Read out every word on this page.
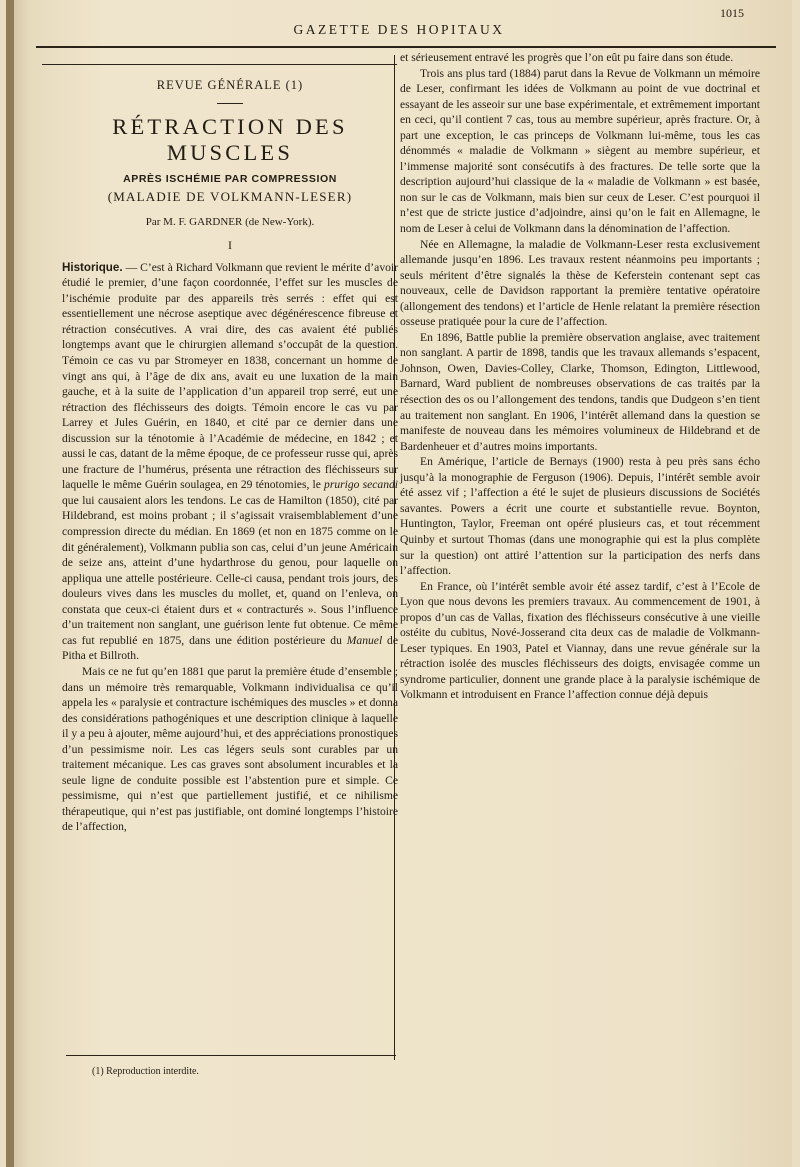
GAZETTE DES HOPITAUX
1015
REVUE GÉNÉRALE (1)
RÉTRACTION DES MUSCLES
APRÈS ISCHÉMIE PAR COMPRESSION
(MALADIE DE VOLKMANN-LESER)
Par M. F. GARDNER (de New-York).
I

Historique. — C’est à Richard Volkmann que revient le mérite d’avoir étudié le premier, d’une façon coordonnée, l’effet sur les muscles de l’ischémie produite par des appareils très serrés : effet qui est essentiellement une nécrose aseptique avec dégénérescence fibreuse et rétraction consécutives. A vrai dire, des cas avaient été publiés longtemps avant que le chirurgien allemand s’occupât de la question. Témoin ce cas vu par Stromeyer en 1838, concernant un homme de vingt ans qui, à l’âge de dix ans, avait eu une luxation de la main gauche, et à la suite de l’application d’un appareil trop serré, eut une rétraction des fléchisseurs des doigts. Témoin encore le cas vu par Larrey et Jules Guérin, en 1840, et cité par ce dernier dans une discussion sur la ténotomie à l’Académie de médecine, en 1842 ; et aussi le cas, datant de la même époque, de ce professeur russe qui, après une fracture de l’humérus, présenta une rétraction des fléchisseurs sur laquelle le même Guérin soulagea, en 29 ténotomies, le prurigo secandi que lui causaient alors les tendons. Le cas de Hamilton (1850), cité par Hildebrand, est moins probant ; il s’agissait vraisemblablement d’une compression directe du médian. En 1869 (et non en 1875 comme on le dit généralement), Volkmann publia son cas, celui d’un jeune Américain de seize ans, atteint d’une hydarthrose du genou, pour laquelle on appliqua une attelle postérieure. Celle-ci causa, pendant trois jours, des douleurs vives dans les muscles du mollet, et, quand on l’enleva, on constata que ceux-ci étaient durs et « contracturés ». Sous l’influence d’un traitement non sanglant, une guérison lente fut obtenue. Ce même cas fut republié en 1875, dans une édition postérieure du Manuel de Pitha et Billroth.

Mais ce ne fut qu’en 1881 que parut la première étude d’ensemble ; dans un mémoire très remarquable, Volkmann individualisa ce qu’il appela les « paralysie et contracture ischémiques des muscles » et donna des considérations pathogéniques et une description clinique à laquelle il y a peu à ajouter, même aujourd’hui, et des appréciations pronostiques d’un pessimisme noir. Les cas légers seuls sont curables par un traitement mécanique. Les cas graves sont absolument incurables et la seule ligne de conduite possible est l’abstention pure et simple. Ce pessimisme, qui n’est que partiellement justifié, et ce nihilisme thérapeutique, qui n’est pas justifiable, ont dominé longtemps l’histoire de l’affection,

et sérieusement entravé les progrès que l’on eût pu faire dans son étude.

Trois ans plus tard (1884) parut dans la Revue de Volkmann un mémoire de Leser, confirmant les idées de Volkmann au point de vue doctrinal et essayant de les asseoir sur une base expérimentale, et extrêmement important en ceci, qu’il contient 7 cas, tous au membre supérieur, après fracture. Or, à part une exception, le cas princeps de Volkmann lui-même, tous les cas dénommés « maladie de Volkmann » siègent au membre supérieur, et l’immense majorité sont consécutifs à des fractures. De telle sorte que la description aujourd’hui classique de la « maladie de Volkmann » est basée, non sur le cas de Volkmann, mais bien sur ceux de Leser. C’est pourquoi il n’est que de stricte justice d’adjoindre, ainsi qu’on le fait en Allemagne, le nom de Leser à celui de Volkmann dans la dénomination de l’affection.

Née en Allemagne, la maladie de Volkmann-Leser resta exclusivement allemande jusqu’en 1896. Les travaux restent néanmoins peu importants ; seuls méritent d’être signalés la thèse de Keferstein contenant sept cas nouveaux, celle de Davidson rapportant la première tentative opératoire (allongement des tendons) et l’article de Henle relatant la première résection osseuse pratiquée pour la cure de l’affection.

En 1896, Battle publie la première observation anglaise, avec traitement non sanglant. A partir de 1898, tandis que les travaux allemands s’espacent, Johnson, Owen, Davies-Colley, Clarke, Thomson, Edington, Littlewood, Barnard, Ward publient de nombreuses observations de cas traités par la résection des os ou l’allongement des tendons, tandis que Dudgeon s’en tient au traitement non sanglant. En 1906, l’intérêt allemand dans la question se manifeste de nouveau dans les mémoires volumineux de Hildebrand et de Bardenheuer et d’autres moins importants.

En Amérique, l’article de Bernays (1900) resta à peu près sans écho jusqu’à la monographie de Ferguson (1906). Depuis, l’intérêt semble avoir été assez vif ; l’affection a été le sujet de plusieurs discussions de Sociétés savantes. Powers a écrit une courte et substantielle revue. Boynton, Huntington, Taylor, Freeman ont opéré plusieurs cas, et tout récemment Quinby et surtout Thomas (dans une monographie qui est la plus complète sur la question) ont attiré l’attention sur la participation des nerfs dans l’affection.

En France, où l’intérêt semble avoir été assez tardif, c’est à l’Ecole de Lyon que nous devons les premiers travaux. Au commencement de 1901, à propos d’un cas de Vallas, fixation des fléchisseurs consécutive à une vieille ostéite du cubitus, Nové-Josserand cita deux cas de maladie de Volkmann-Leser typiques. En 1903, Patel et Viannay, dans une revue générale sur la rétraction isolée des muscles fléchisseurs des doigts, envisagée comme un syndrome particulier, donnent une grande place à la paralysie ischémique de Volkmann et introduisent en France l’affection connue déjà depuis

(1) Reproduction interdite.
